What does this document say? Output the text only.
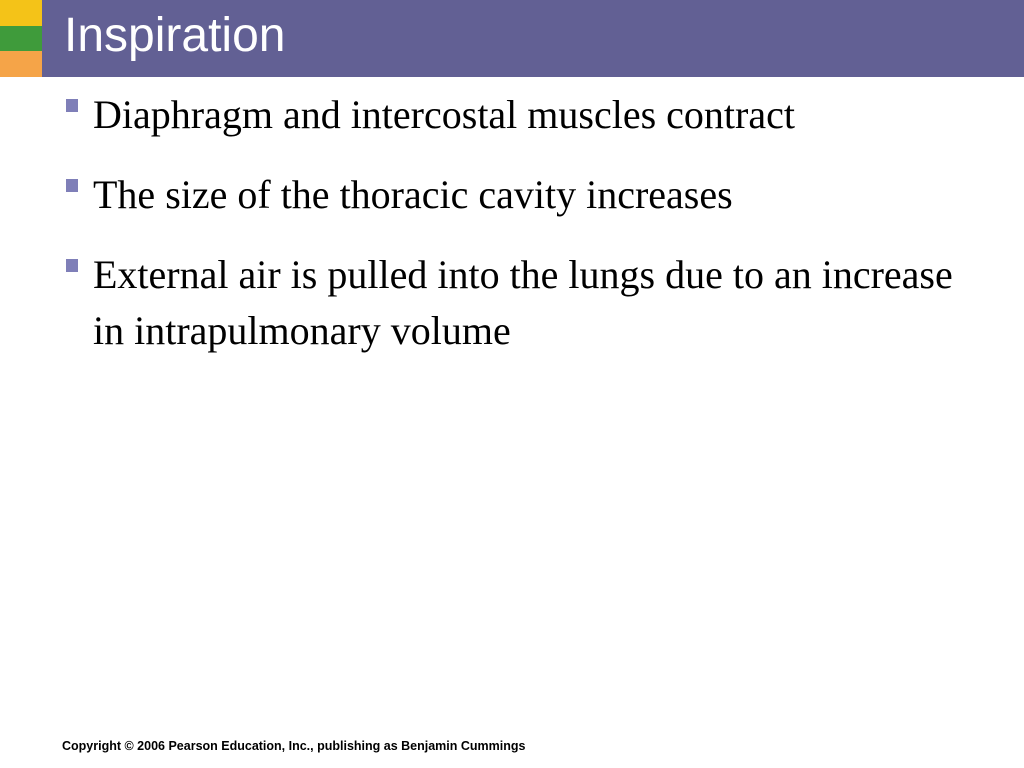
Inspiration
Diaphragm and intercostal muscles contract
The size of the thoracic cavity increases
External air is pulled into the lungs due to an increase in intrapulmonary volume
Copyright © 2006 Pearson Education, Inc., publishing as Benjamin Cummings
